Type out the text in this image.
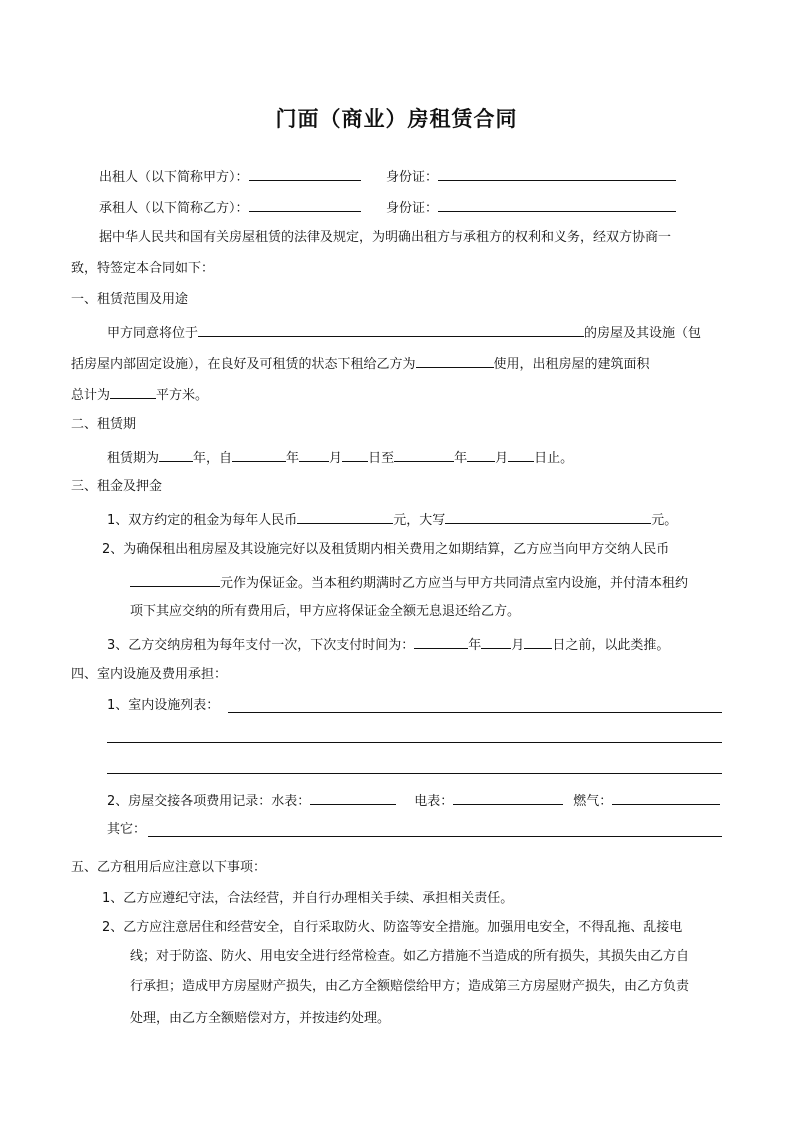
门面（商业）房租赁合同
出租人（以下简称甲方）：	身份证：
承租人（以下简称乙方）：	身份证：
据中华人民共和国有关房屋租赁的法律及规定，为明确出租方与承租方的权利和义务，经双方协商一
致，特签定本合同如下：
一、租赁范围及用途
甲方同意将位于	的房屋及其设施（包
括房屋内部固定设施），在良好及可租赁的状态下租给乙方为	使用，出租房屋的建筑面积
总计为	平方米。
二、租赁期
租赁期为	年，自	年 月 日至	年 月 日止。
三、租金及押金
1、双方约定的租金为每年人民币	元，大写	元。
2、为确保租出租房屋及其设施完好以及租赁期内相关费用之如期结算，乙方应当向甲方交纳人民币
元作为保证金。当本租约期满时乙方应当与甲方共同清点室内设施，并付清本租约
项下其应交纳的所有费用后，甲方应将保证金全额无息退还给乙方。
3、乙方交纳房租为每年支付一次，下次支付时间为：	年 月 日之前，以此类推。
四、室内设施及费用承担：
1、室内设施列表：
2、房屋交接各项费用记录：水表：	电表：	燃气：
其它：
五、乙方租用后应注意以下事项：
1、乙方应遵纪守法，合法经营，并自行办理相关手续、承担相关责任。
2、乙方应注意居住和经营安全，自行采取防火、防盗等安全措施。加强用电安全，不得乱拖、乱接电
线；对于防盗、防火、用电安全进行经常检查。如乙方措施不当造成的所有损失，其损失由乙方自
行承担；造成甲方房屋财产损失，由乙方全额赔偿给甲方；造成第三方房屋财产损失，由乙方负责
处理，由乙方全额赔偿对方，并按违约处理。
